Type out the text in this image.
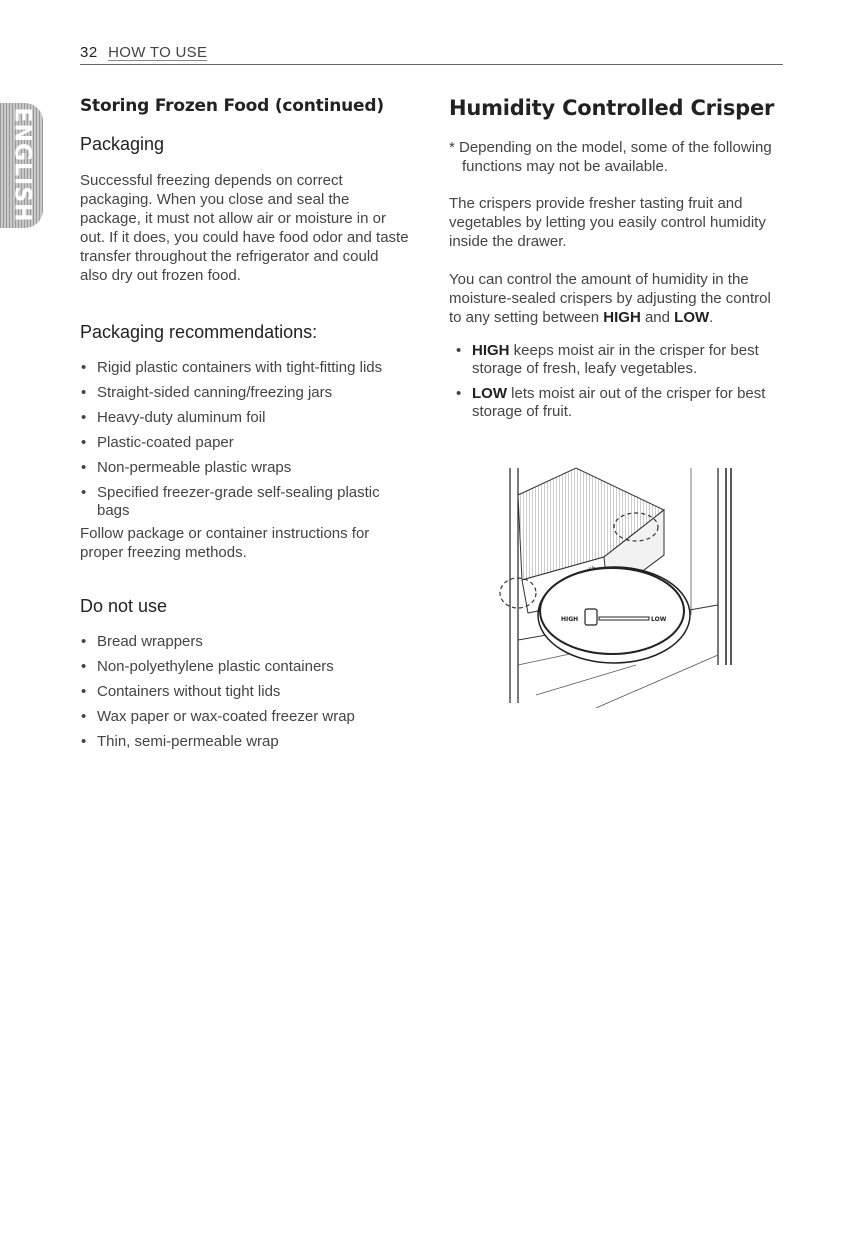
32 HOW TO USE
ENGLISH
Storing Frozen Food (continued)
Packaging

Successful freezing depends on correct packaging. When you close and seal the package, it must not allow air or moisture in or out. If it does, you could have food odor and taste transfer throughout the refrigerator and could also dry out frozen food.

Packaging recommendations:
• Rigid plastic containers with tight-fitting lids
• Straight-sided canning/freezing jars
• Heavy-duty aluminum foil
• Plastic-coated paper
• Non-permeable plastic wraps
• Specified freezer-grade self-sealing plastic bags

Follow package or container instructions for proper freezing methods.

Do not use
• Bread wrappers
• Non-polyethylene plastic containers
• Containers without tight lids
• Wax paper or wax-coated freezer wrap
• Thin, semi-permeable wrap
Humidity Controlled Crisper

* Depending on the model, some of the following functions may not be available.

The crispers provide fresher tasting fruit and vegetables by letting you easily control humidity inside the drawer.

You can control the amount of humidity in the moisture-sealed crispers by adjusting the control to any setting between HIGH and LOW.

• HIGH keeps moist air in the crisper for best storage of fresh, leafy vegetables.
• LOW lets moist air out of the crisper for best storage of fruit.
HIGH	LOW
